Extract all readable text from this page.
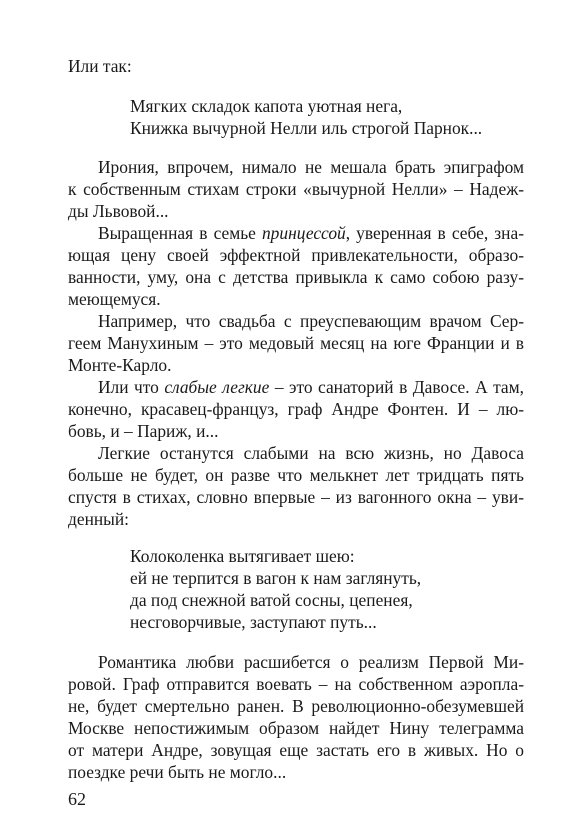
Или так:
Мягких складок капота уютная нега,
Книжка вычурной Нелли иль строгой Парнок...
Ирония, впрочем, нимало не мешала брать эпиграфом
к собственным стихам строки «вычурной Нелли» – Надеж-
ды Львовой...
Выращенная в семье принцессой, уверенная в себе, зна-
ющая цену своей эффектной привлекательности, образо-
ванности, уму, она с детства привыкла к само собою разу-
меющемуся.
Например, что свадьба с преуспевающим врачом Сер-
геем Манухиным – это медовый месяц на юге Франции и в
Монте-Карло.
Или что слабые легкие – это санаторий в Давосе. А там,
конечно, красавец-француз, граф Андре Фонтен. И – лю-
бовь, и – Париж, и...
Легкие останутся слабыми на всю жизнь, но Давоса
больше не будет, он разве что мелькнет лет тридцать пять
спустя в стихах, словно впервые – из вагонного окна – уви-
денный:
Колоколенка вытягивает шею:
ей не терпится в вагон к нам заглянуть,
да под снежной ватой сосны, цепенея,
несговорчивые, заступают путь...
Романтика любви расшибется о реализм Первой Ми-
ровой. Граф отправится воевать – на собственном аэропла-
не, будет смертельно ранен. В революционно-обезумевшей
Москве непостижимым образом найдет Нину телеграмма
от матери Андре, зовущая еще застать его в живых. Но о
поездке речи быть не могло...
62
